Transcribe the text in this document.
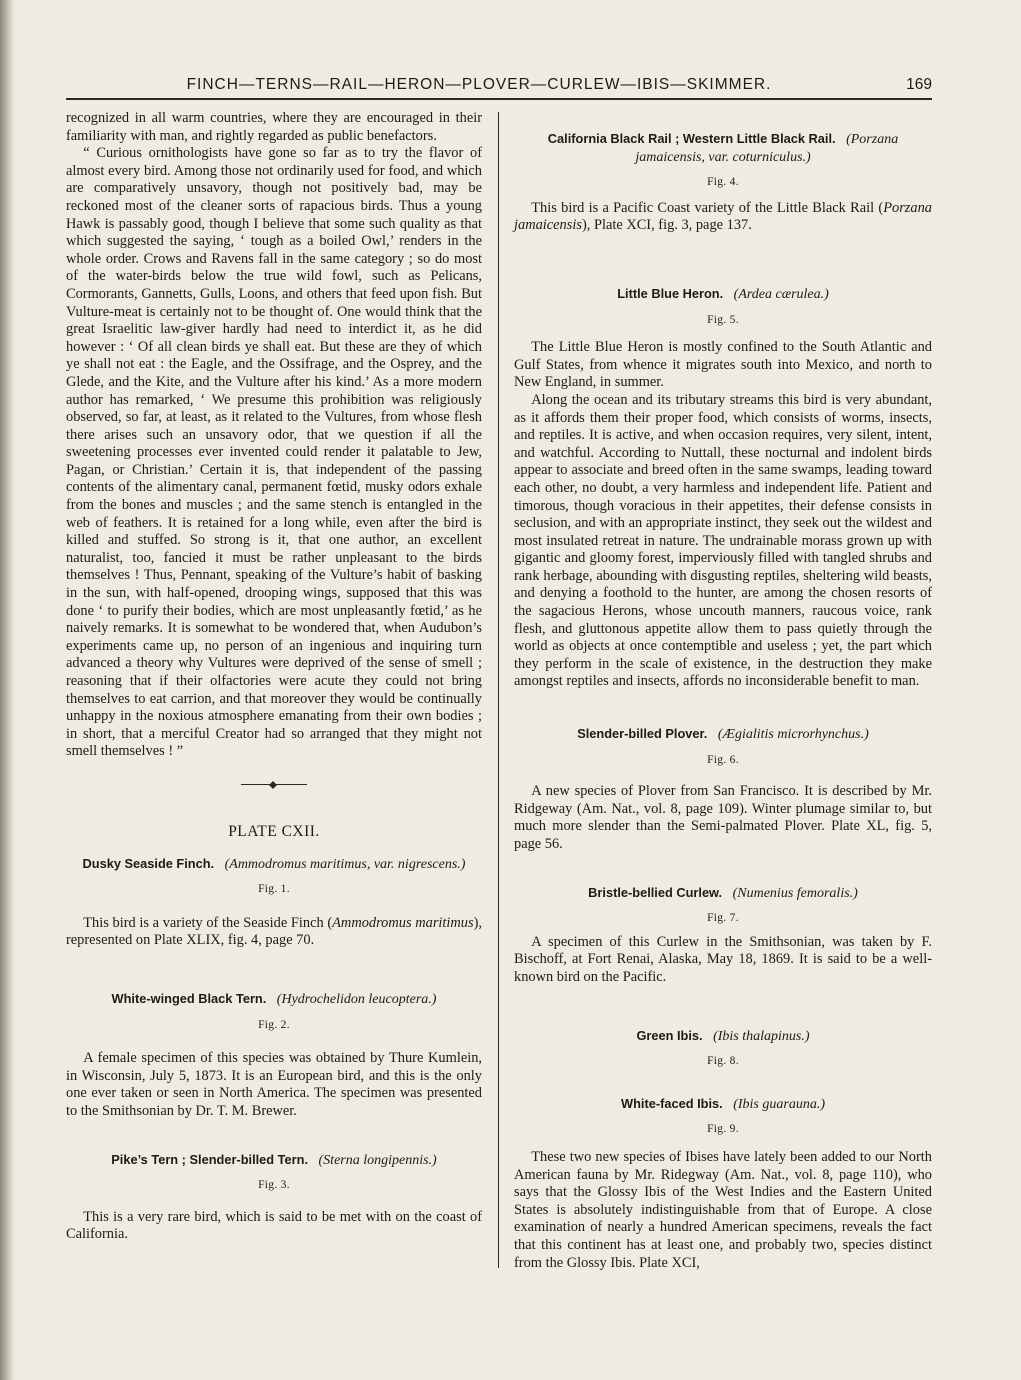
FINCH—TERNS—RAIL—HERON—PLOVER—CURLEW—IBIS—SKIMMER.	169

recognized in all warm countries, where they are encouraged in their familiarity with man, and rightly regarded as public benefactors.

“ Curious ornithologists have gone so far as to try the flavor of almost every bird. Among those not ordinarily used for food, and which are comparatively unsavory, though not positively bad, may be reckoned most of the cleaner sorts of rapacious birds. Thus a young Hawk is passably good, though I believe that some such quality as that which suggested the saying, ‘ tough as a boiled Owl,’ renders in the whole order. Crows and Ravens fall in the same category ; so do most of the water-birds below the true wild fowl, such as Pelicans, Cormorants, Gannetts, Gulls, Loons, and others that feed upon fish. But Vulture-meat is certainly not to be thought of. One would think that the great Israelitic law-giver hardly had need to interdict it, as he did however : ‘ Of all clean birds ye shall eat. But these are they of which ye shall not eat : the Eagle, and the Ossifrage, and the Osprey, and the Glede, and the Kite, and the Vulture after his kind.’ As a more modern author has remarked, ‘ We presume this prohibition was religiously observed, so far, at least, as it related to the Vultures, from whose flesh there arises such an unsavory odor, that we question if all the sweetening processes ever invented could render it palatable to Jew, Pagan, or Christian.’ Certain it is, that independent of the passing contents of the alimentary canal, permanent fœtid, musky odors exhale from the bones and muscles ; and the same stench is entangled in the web of feathers. It is retained for a long while, even after the bird is killed and stuffed. So strong is it, that one author, an excellent naturalist, too, fancied it must be rather unpleasant to the birds themselves ! Thus, Pennant, speaking of the Vulture’s habit of basking in the sun, with half-opened, drooping wings, supposed that this was done ‘ to purify their bodies, which are most unpleasantly fœtid,’ as he naively remarks. It is somewhat to be wondered that, when Audubon’s experiments came up, no person of an ingenious and inquiring turn advanced a theory why Vultures were deprived of the sense of smell ; reasoning that if their olfactories were acute they could not bring themselves to eat carrion, and that moreover they would be continually unhappy in the noxious atmosphere emanating from their own bodies ; in short, that a merciful Creator had so arranged that they might not smell themselves ! ”

PLATE CXII.
Dusky Seaside Finch. (Ammodromus maritimus, var. nigrescens.)
Fig. 1.

This bird is a variety of the Seaside Finch (Ammodromus maritimus), represented on Plate XLIX, fig. 4, page 70.

White-winged Black Tern. (Hydrochelidon leucoptera.)
Fig. 2.

A female specimen of this species was obtained by Thure Kumlein, in Wisconsin, July 5, 1873. It is an European bird, and this is the only one ever taken or seen in North America. The specimen was presented to the Smithsonian by Dr. T. M. Brewer.

Pike’s Tern ; Slender-billed Tern. (Sterna longipennis.)
Fig. 3.

This is a very rare bird, which is said to be met with on the coast of California.

California Black Rail ; Western Little Black Rail. (Porzana jamaicensis, var. coturniculus.)
Fig. 4.

This bird is a Pacific Coast variety of the Little Black Rail (Porzana jamaicensis), Plate XCI, fig. 3, page 137.

Little Blue Heron. (Ardea cærulea.)
Fig. 5.

The Little Blue Heron is mostly confined to the South Atlantic and Gulf States, from whence it migrates south into Mexico, and north to New England, in summer.

Along the ocean and its tributary streams this bird is very abundant, as it affords them their proper food, which consists of worms, insects, and reptiles. It is active, and when occasion requires, very silent, intent, and watchful. According to Nuttall, these nocturnal and indolent birds appear to associate and breed often in the same swamps, leading toward each other, no doubt, a very harmless and independent life. Patient and timorous, though voracious in their appetites, their defense consists in seclusion, and with an appropriate instinct, they seek out the wildest and most insulated retreat in nature. The undrainable morass grown up with gigantic and gloomy forest, imperviously filled with tangled shrubs and rank herbage, abounding with disgusting reptiles, sheltering wild beasts, and denying a foothold to the hunter, are among the chosen resorts of the sagacious Herons, whose uncouth manners, raucous voice, rank flesh, and gluttonous appetite allow them to pass quietly through the world as objects at once contemptible and useless ; yet, the part which they perform in the scale of existence, in the destruction they make amongst reptiles and insects, affords no inconsiderable benefit to man.

Slender-billed Plover. (Ægialitis microrhynchus.)
Fig. 6.

A new species of Plover from San Francisco. It is described by Mr. Ridgeway (Am. Nat., vol. 8, page 109). Winter plumage similar to, but much more slender than the Semi-palmated Plover. Plate XL, fig. 5, page 56.

Bristle-bellied Curlew. (Numenius femoralis.)
Fig. 7.

A specimen of this Curlew in the Smithsonian, was taken by F. Bischoff, at Fort Renai, Alaska, May 18, 1869. It is said to be a well-known bird on the Pacific.

Green Ibis. (Ibis thalapinus.)
Fig. 8.
White-faced Ibis. (Ibis guarauna.)
Fig. 9.

These two new species of Ibises have lately been added to our North American fauna by Mr. Ridegway (Am. Nat., vol. 8, page 110), who says that the Glossy Ibis of the West Indies and the Eastern United States is absolutely indistinguishable from that of Europe. A close examination of nearly a hundred American specimens, reveals the fact that this continent has at least one, and probably two, species distinct from the Glossy Ibis. Plate XCI,
